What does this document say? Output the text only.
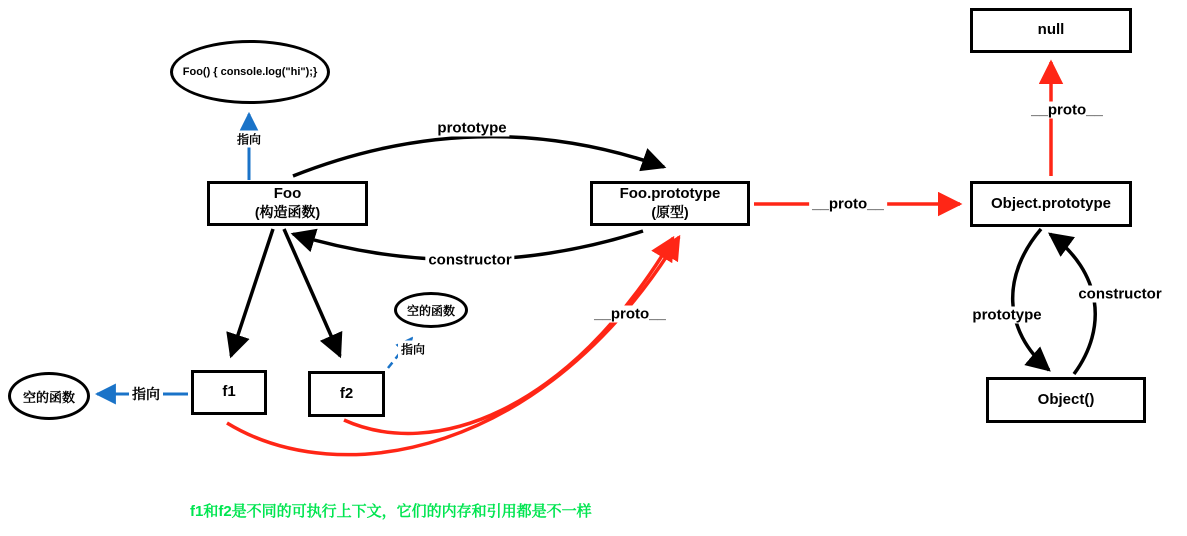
Foo() { console.log("hi");}
空的函数
空的函数
Foo
(构造函数)
Foo.prototype
(原型)
Object.prototype
null
Object()
f1	f2
prototype
constructor
__proto__
__proto__
__proto__	prototype
constructor
指向
指向
指向
f1和f2是不同的可执行上下文，它们的内存和引用都是不一样
